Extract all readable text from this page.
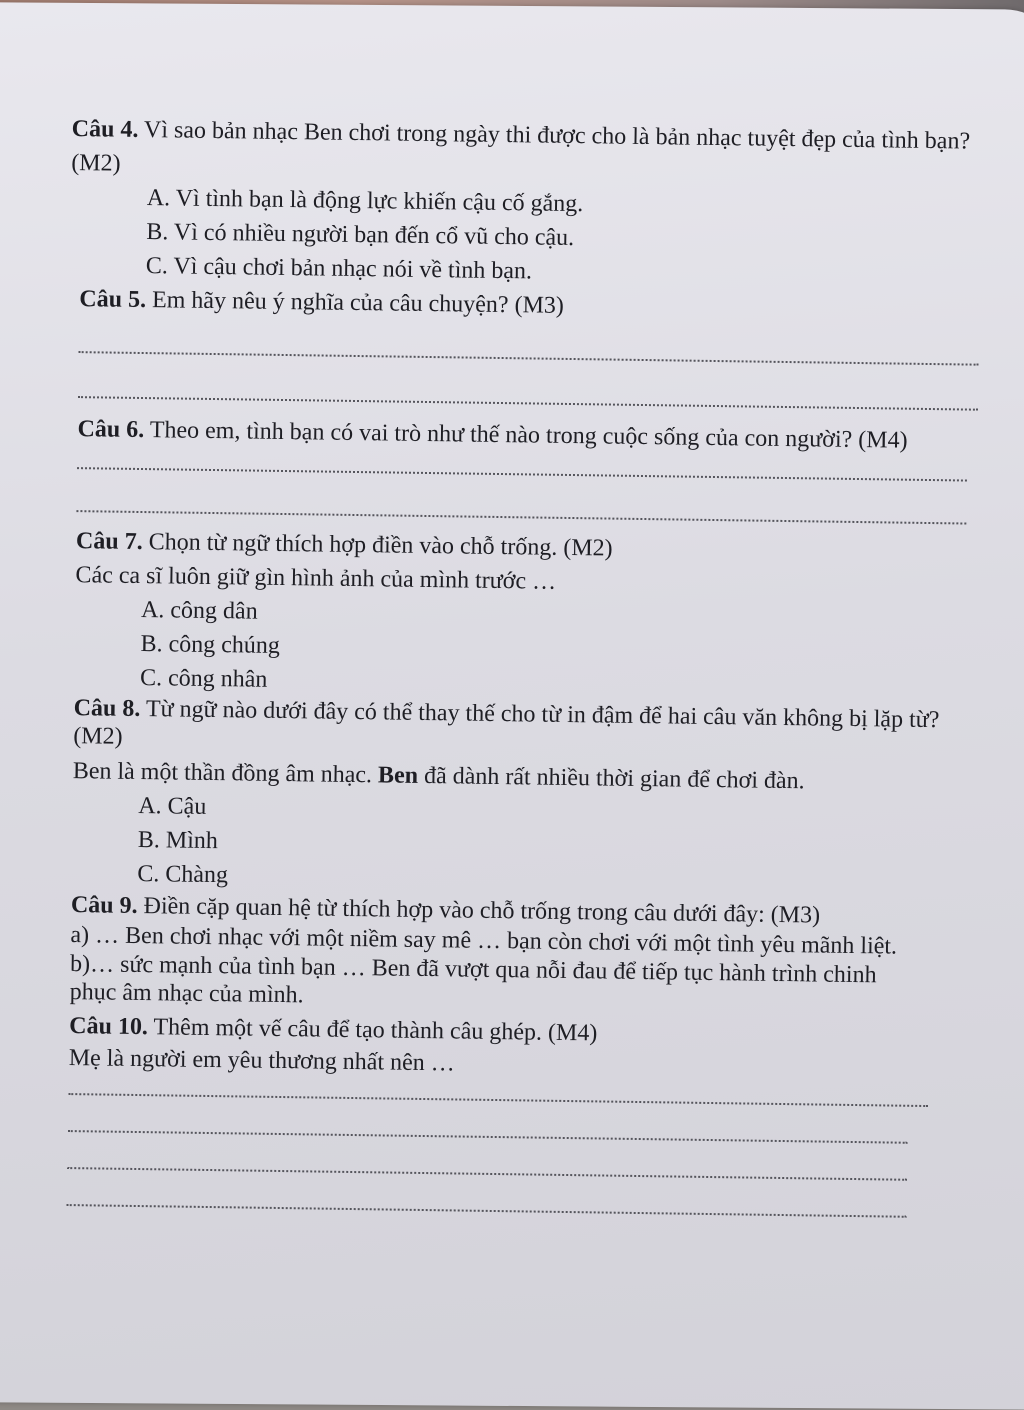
Câu 4. Vì sao bản nhạc Ben chơi trong ngày thi được cho là bản nhạc tuyệt đẹp của tình bạn? (M2)

A. Vì tình bạn là động lực khiến cậu cố gắng.

B. Vì có nhiều người bạn đến cổ vũ cho cậu.

C. Vì cậu chơi bản nhạc nói về tình bạn.

Câu 5. Em hãy nêu ý nghĩa của câu chuyện? (M3)

Câu 6. Theo em, tình bạn có vai trò như thế nào trong cuộc sống của con người? (M4)

Câu 7. Chọn từ ngữ thích hợp điền vào chỗ trống. (M2)

Các ca sĩ luôn giữ gìn hình ảnh của mình trước …

A. công dân

B. công chúng

C. công nhân

Câu 8. Từ ngữ nào dưới đây có thể thay thế cho từ in đậm để hai câu văn không bị lặp từ? (M2)

Ben là một thần đồng âm nhạc. Ben đã dành rất nhiều thời gian để chơi đàn.

A. Cậu

B. Mình

C. Chàng

Câu 9. Điền cặp quan hệ từ thích hợp vào chỗ trống trong câu dưới đây: (M3)

a) … Ben chơi nhạc với một niềm say mê … bạn còn chơi với một tình yêu mãnh liệt.

b)… sức mạnh của tình bạn … Ben đã vượt qua nỗi đau để tiếp tục hành trình chinh phục âm nhạc của mình.

Câu 10. Thêm một vế câu để tạo thành câu ghép. (M4)

Mẹ là người em yêu thương nhất nên …
